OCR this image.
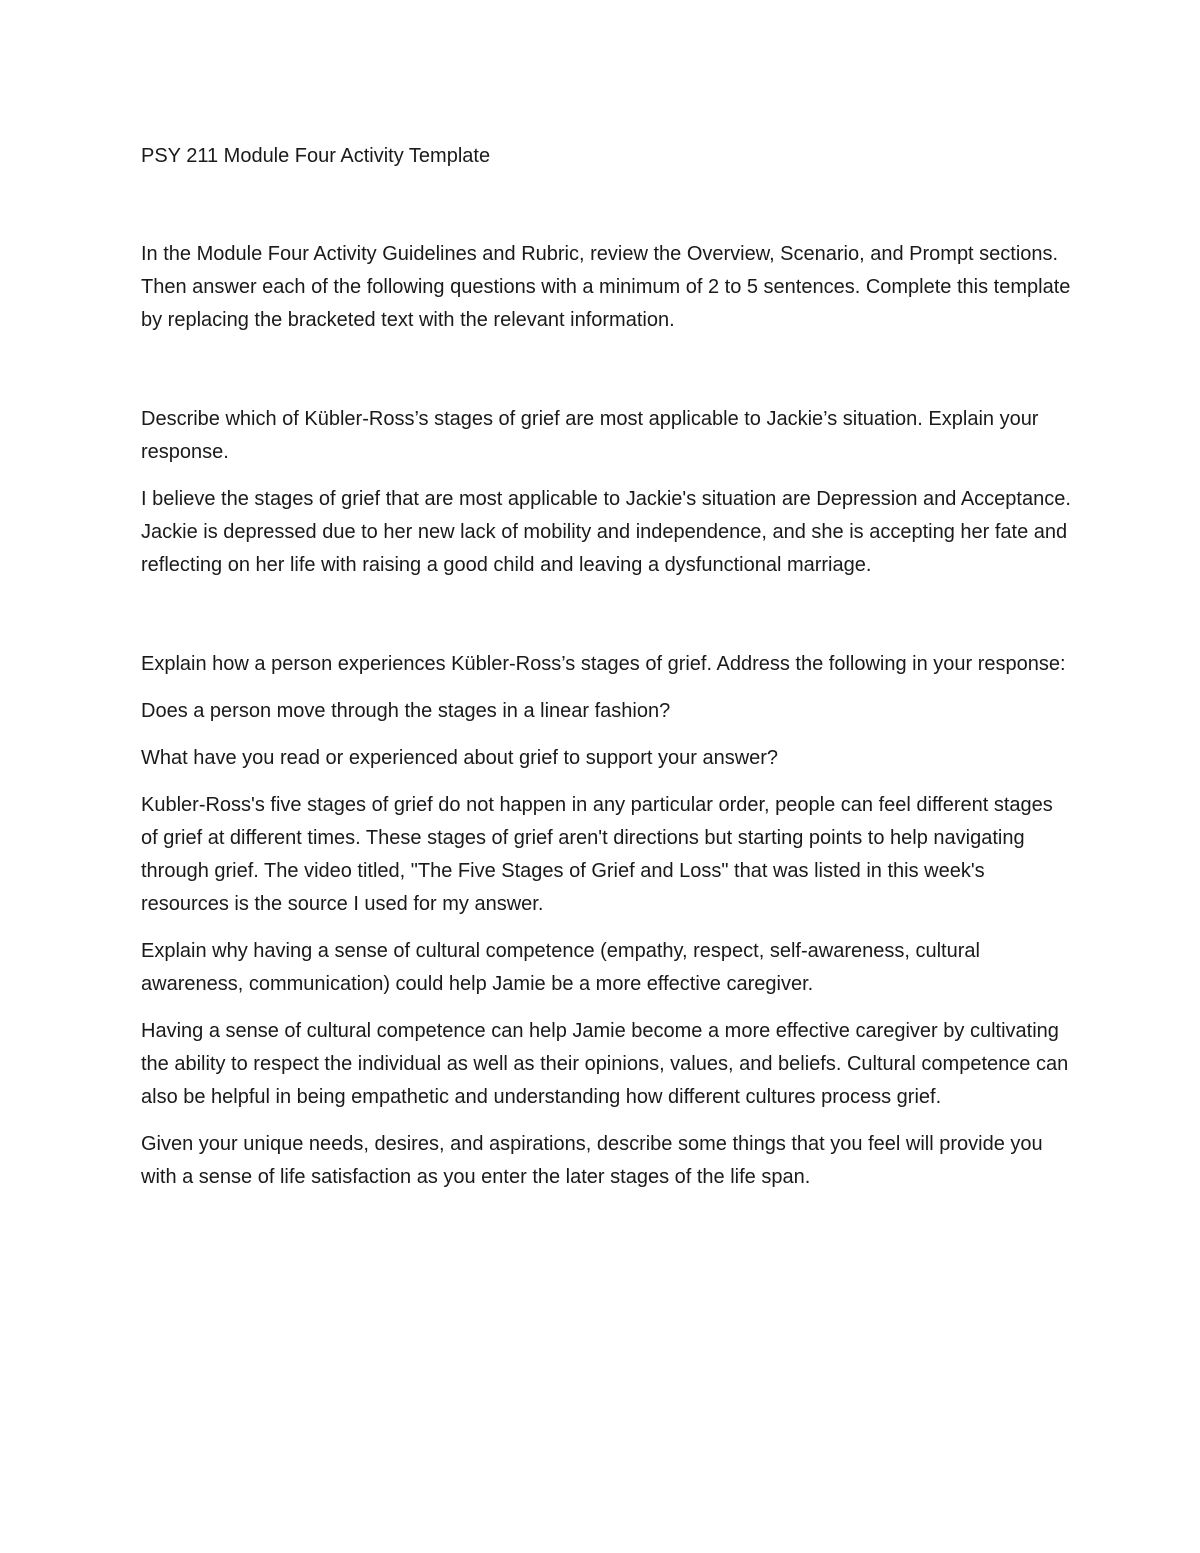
PSY 211 Module Four Activity Template

In the Module Four Activity Guidelines and Rubric, review the Overview, Scenario, and Prompt sections. Then answer each of the following questions with a minimum of 2 to 5 sentences. Complete this template by replacing the bracketed text with the relevant information.

Describe which of Kübler-Ross’s stages of grief are most applicable to Jackie’s situation. Explain your response.

I believe the stages of grief that are most applicable to Jackie's situation are Depression and Acceptance. Jackie is depressed due to her new lack of mobility and independence, and she is accepting her fate and reflecting on her life with raising a good child and leaving a dysfunctional marriage.

Explain how a person experiences Kübler-Ross’s stages of grief. Address the following in your response:

Does a person move through the stages in a linear fashion?

What have you read or experienced about grief to support your answer?

Kubler-Ross's five stages of grief do not happen in any particular order, people can feel different stages of grief at different times. These stages of grief aren't directions but starting points to help navigating through grief. The video titled, "The Five Stages of Grief and Loss" that was listed in this week's resources is the source I used for my answer.

Explain why having a sense of cultural competence (empathy, respect, self-awareness, cultural awareness, communication) could help Jamie be a more effective caregiver.

Having a sense of cultural competence can help Jamie become a more effective caregiver by cultivating the ability to respect the individual as well as their opinions, values, and beliefs. Cultural competence can also be helpful in being empathetic and understanding how different cultures process grief.

Given your unique needs, desires, and aspirations, describe some things that you feel will provide you with a sense of life satisfaction as you enter the later stages of the life span.
